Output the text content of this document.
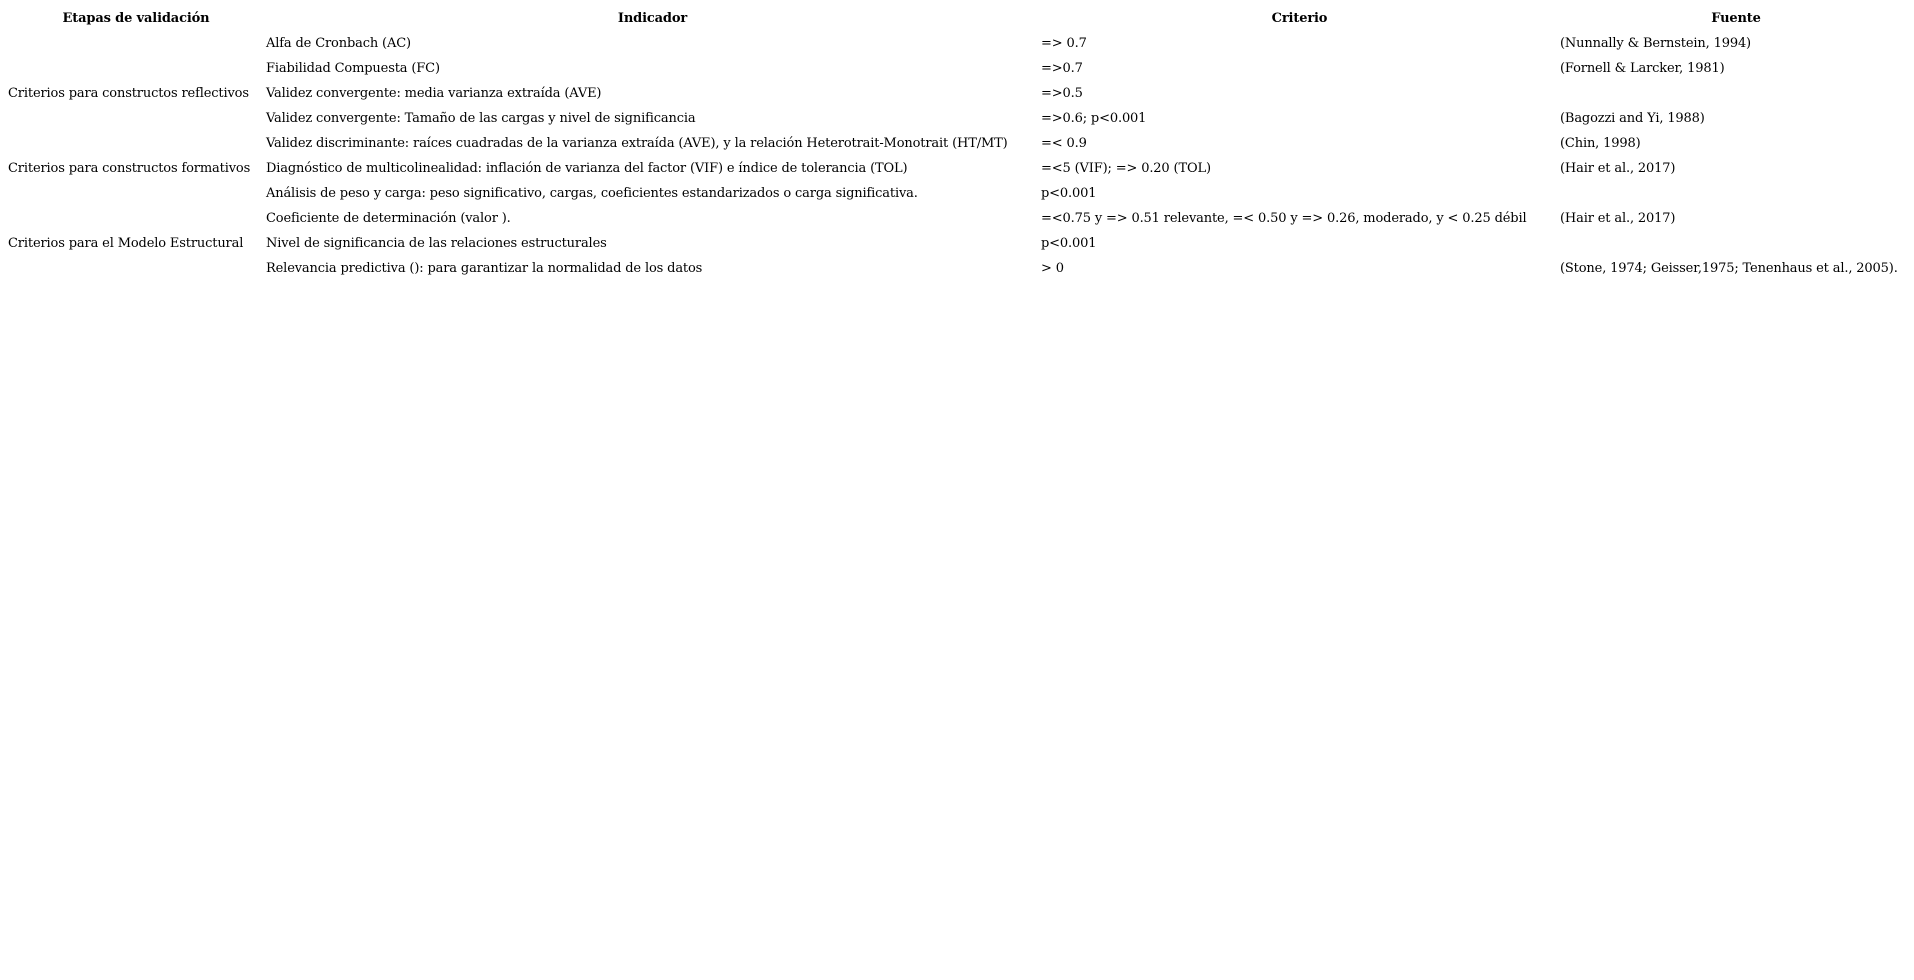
Etapas de validación	Indicador	Criterio	Fuente
	Alfa de Cronbach (AC)	=> 0.7	(Nunnally & Bernstein, 1994)
	Fiabilidad Compuesta (FC)	=>0.7	(Fornell & Larcker, 1981)
Criterios para constructos reflectivos	Validez convergente: media varianza extraída (AVE)	=>0.5	
	Validez convergente: Tamaño de las cargas y nivel de significancia	=>0.6; p<0.001	(Bagozzi and Yi, 1988)
	Validez discriminante: raíces cuadradas de la varianza extraída (AVE), y la relación Heterotrait-Monotrait (HT/MT)	=< 0.9	(Chin, 1998)
Criterios para constructos formativos	Diagnóstico de multicolinealidad: inflación de varianza del factor (VIF) e índice de tolerancia (TOL)	=<5 (VIF); => 0.20 (TOL)	(Hair et al., 2017)
	Análisis de peso y carga: peso significativo, cargas, coeficientes estandarizados o carga significativa.	p<0.001	
	Coeficiente de determinación (valor ).	=<0.75 y => 0.51 relevante, =< 0.50 y => 0.26, moderado, y < 0.25 débil	(Hair et al., 2017)
Criterios para el Modelo Estructural	Nivel de significancia de las relaciones estructurales	p<0.001	
	Relevancia predictiva (): para garantizar la normalidad de los datos	> 0	(Stone, 1974; Geisser,1975; Tenenhaus et al., 2005).
